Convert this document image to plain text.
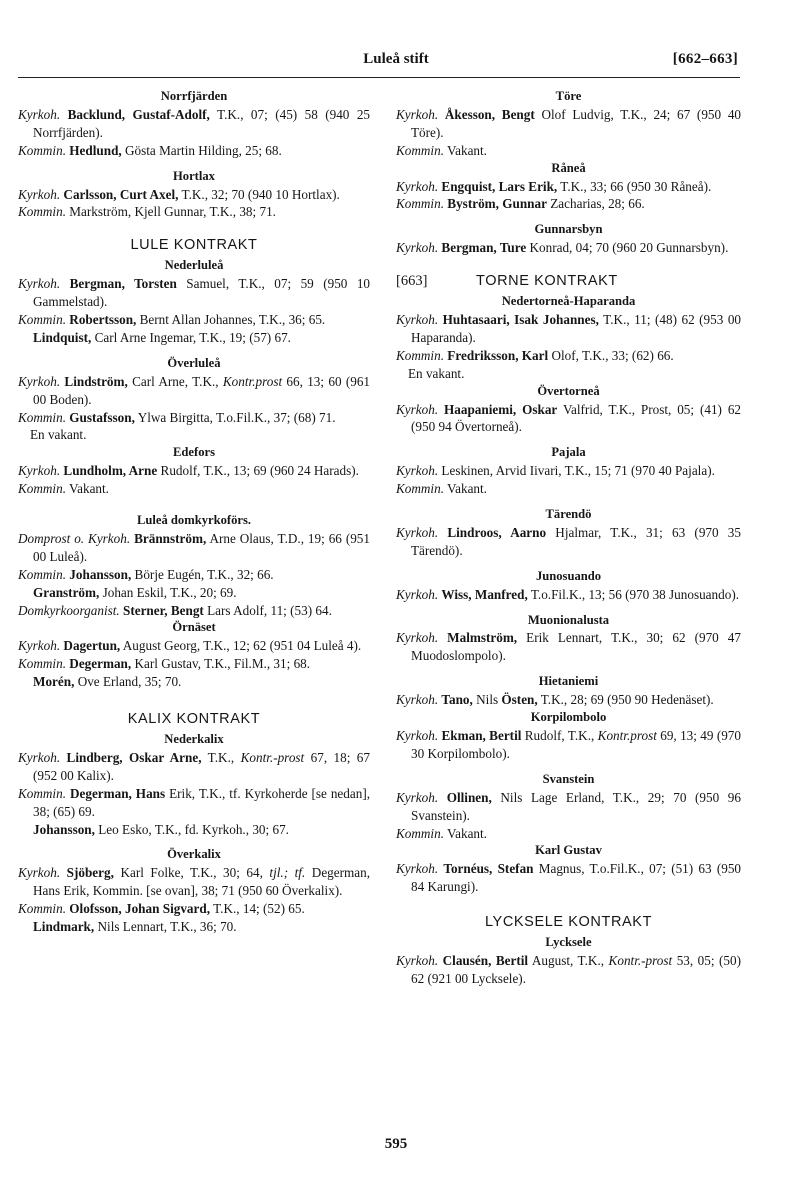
Luleå stift	[662–663]
Norrfjärden

Kyrkoh. Backlund, Gustaf-Adolf, T.K., 07; (45) 58 (940 25 Norrfjärden).

Kommin. Hedlund, Gösta Martin Hilding, 25; 68.

Hortlax

Kyrkoh. Carlsson, Curt Axel, T.K., 32; 70 (940 10 Hortlax).

Kommin. Markström, Kjell Gunnar, T.K., 38; 71.

LULE KONTRAKT
Nederluleå

Kyrkoh. Bergman, Torsten Samuel, T.K., 07; 59 (950 10 Gammelstad).

Kommin. Robertsson, Bernt Allan Johannes, T.K., 36; 65.

Lindquist, Carl Arne Ingemar, T.K., 19; (57) 67.

Överluleå

Kyrkoh. Lindström, Carl Arne, T.K., Kontr.prost 66, 13; 60 (961 00 Boden).

Kommin. Gustafsson, Ylwa Birgitta, T.o.Fil.K., 37; (68) 71.

En vakant.

Edefors

Kyrkoh. Lundholm, Arne Rudolf, T.K., 13; 69 (960 24 Harads).

Kommin. Vakant.

Luleå domkyrkoförs.

Domprost o. Kyrkoh. Brännström, Arne Olaus, T.D., 19; 66 (951 00 Luleå).

Kommin. Johansson, Börje Eugén, T.K., 32; 66.

Granström, Johan Eskil, T.K., 20; 69.

Domkyrkoorganist. Sterner, Bengt Lars Adolf, 11; (53) 64.

Örnäset

Kyrkoh. Dagertun, August Georg, T.K., 12; 62 (951 04 Luleå 4).

Kommin. Degerman, Karl Gustav, T.K., Fil.M., 31; 68.

Morén, Ove Erland, 35; 70.

KALIX KONTRAKT
Nederkalix

Kyrkoh. Lindberg, Oskar Arne, T.K., Kontr.-prost 67, 18; 67 (952 00 Kalix).

Kommin. Degerman, Hans Erik, T.K., tf. Kyrkoherde [se nedan], 38; (65) 69.

Johansson, Leo Esko, T.K., fd. Kyrkoh., 30; 67.

Överkalix

Kyrkoh. Sjöberg, Karl Folke, T.K., 30; 64, tjl.; tf. Degerman, Hans Erik, Kommin. [se ovan], 38; 71 (950 60 Överkalix).

Kommin. Olofsson, Johan Sigvard, T.K., 14; (52) 65.

Lindmark, Nils Lennart, T.K., 36; 70.

Töre

Kyrkoh. Åkesson, Bengt Olof Ludvig, T.K., 24; 67 (950 40 Töre).

Kommin. Vakant.

Råneå

Kyrkoh. Engquist, Lars Erik, T.K., 33; 66 (950 30 Råneå).

Kommin. Byström, Gunnar Zacharias, 28; 66.

Gunnarsbyn

Kyrkoh. Bergman, Ture Konrad, 04; 70 (960 20 Gunnarsbyn).

[663]	TORNE KONTRAKT
Nedertorneå-Haparanda

Kyrkoh. Huhtasaari, Isak Johannes, T.K., 11; (48) 62 (953 00 Haparanda).

Kommin. Fredriksson, Karl Olof, T.K., 33; (62) 66.

En vakant.

Övertorneå

Kyrkoh. Haapaniemi, Oskar Valfrid, T.K., Prost, 05; (41) 62 (950 94 Övertorneå).

Pajala

Kyrkoh. Leskinen, Arvid Iivari, T.K., 15; 71 (970 40 Pajala).

Kommin. Vakant.

Tärendö

Kyrkoh. Lindroos, Aarno Hjalmar, T.K., 31; 63 (970 35 Tärendö).

Junosuando

Kyrkoh. Wiss, Manfred, T.o.Fil.K., 13; 56 (970 38 Junosuando).

Muonionalusta

Kyrkoh. Malmström, Erik Lennart, T.K., 30; 62 (970 47 Muodoslompolo).

Hietaniemi

Kyrkoh. Tano, Nils Östen, T.K., 28; 69 (950 90 Hedenäset).

Korpilombolo

Kyrkoh. Ekman, Bertil Rudolf, T.K., Kontr.prost 69, 13; 49 (970 30 Korpilombolo).

Svanstein

Kyrkoh. Ollinen, Nils Lage Erland, T.K., 29; 70 (950 96 Svanstein).

Kommin. Vakant.

Karl Gustav

Kyrkoh. Tornéus, Stefan Magnus, T.o.Fil.K., 07; (51) 63 (950 84 Karungi).

LYCKSELE KONTRAKT
Lycksele

Kyrkoh. Clausén, Bertil August, T.K., Kontr.-prost 53, 05; (50) 62 (921 00 Lycksele).

595
